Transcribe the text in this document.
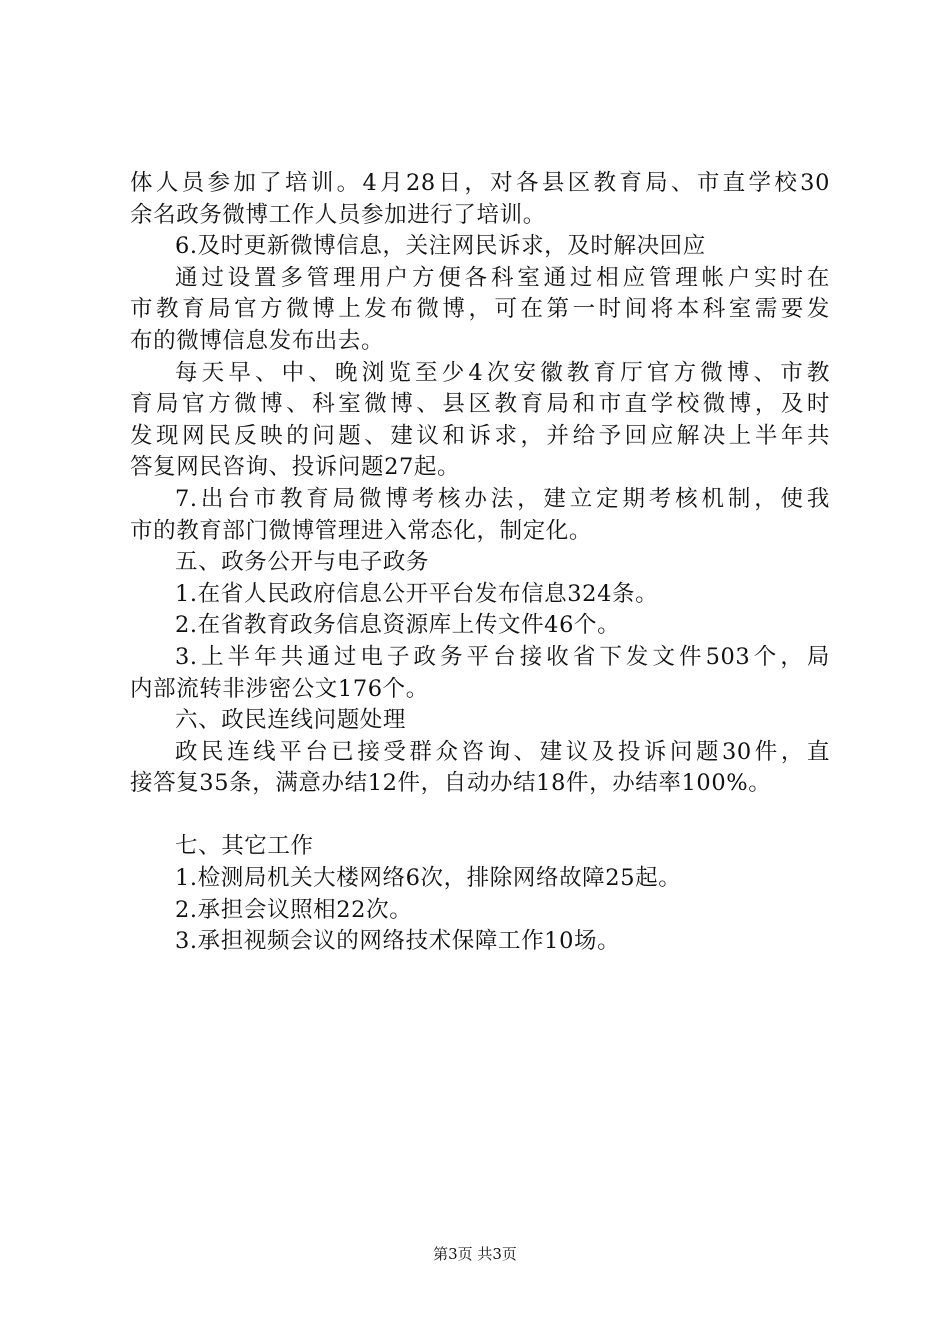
体人员参加了培训。4月28日，对各县区教育局、市直学校30
余名政务微博工作人员参加进行了培训。
6.及时更新微博信息，关注网民诉求，及时解决回应
通过设置多管理用户方便各科室通过相应管理帐户实时在
市教育局官方微博上发布微博，可在第一时间将本科室需要发
布的微博信息发布出去。
每天早、中、晚浏览至少4次安徽教育厅官方微博、市教
育局官方微博、科室微博、县区教育局和市直学校微博，及时
发现网民反映的问题、建议和诉求，并给予回应解决上半年共
答复网民咨询、投诉问题27起。
7.出台市教育局微博考核办法，建立定期考核机制，使我
市的教育部门微博管理进入常态化，制定化。
五、政务公开与电子政务
1.在省人民政府信息公开平台发布信息324条。
2.在省教育政务信息资源库上传文件46个。
3.上半年共通过电子政务平台接收省下发文件503个，局
内部流转非涉密公文176个。
六、政民连线问题处理
政民连线平台已接受群众咨询、建议及投诉问题30件，直
接答复35条，满意办结12件，自动办结18件，办结率100%。
七、其它工作
1.检测局机关大楼网络6次，排除网络故障25起。
2.承担会议照相22次。
3.承担视频会议的网络技术保障工作10场。
第3页 共3页
